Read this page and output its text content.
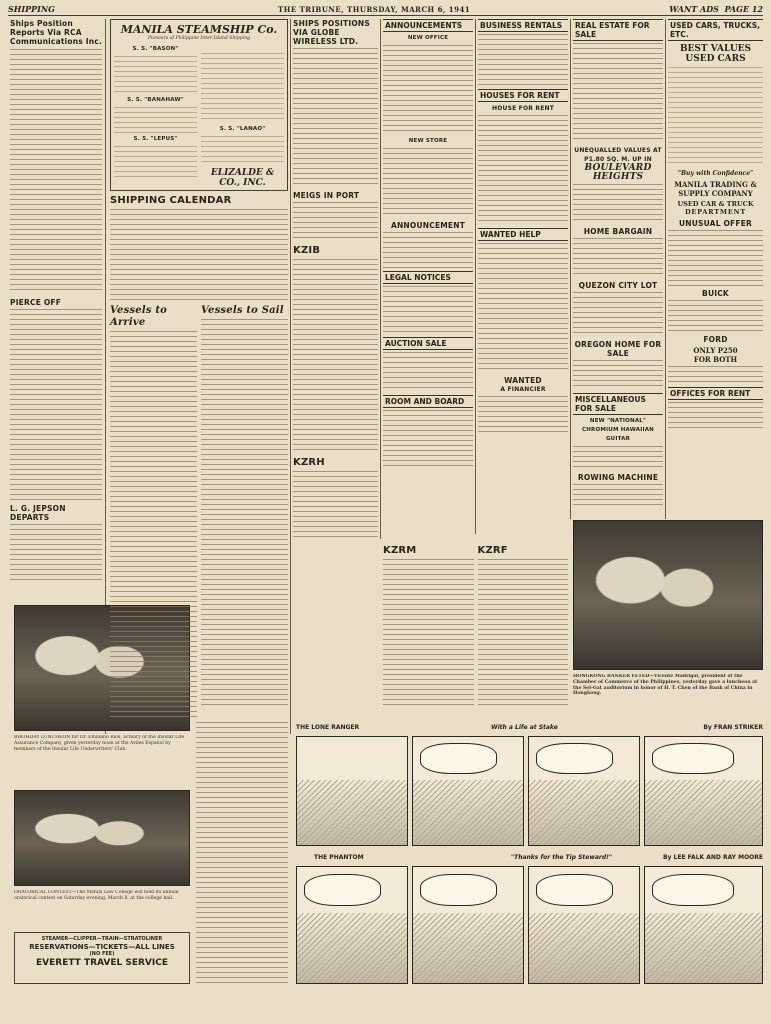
SHIPPING	THE TRIBUNE, THURSDAY, MARCH 6, 1941	WANT ADS PAGE 12
Ships Position Reports Via RCA Communications Inc.
PIERCE OFF
L. G. JEPSON DEPARTS
BIRTHDAY LUNCHEON for Dr. Emiliano Rios, actuary of the Insular Life Assurance Company, given yesterday noon at the Aviles Español by members of the Insular Life Underwriters' Club.
ORATORICAL CONTEST—The Manila Law College will hold its annual oratorical contest on Saturday evening, March 8, at the college hall.
STEAMER—CLIPPER—TRAIN—STRATOLINER
RESERVATIONS—TICKETS—ALL LINES
(NO FEE)
EVERETT TRAVEL SERVICE
MANILA STEAMSHIP Co.
Pioneers of Philippine Inter-Island Shipping
S. S. "BASON"
S. S. "BANAHAW"
S. S. "LEPUS"
S. S. "LANAO"
ELIZALDE & CO., INC.
SHIPPING CALENDAR
Vessels to Arrive
Vessels to Sail
SHIPS POSITIONS VIA GLOBE WIRELESS LTD.
MEIGS IN PORT
KZIB
KZRH
ANNOUNCEMENTS
NEW OFFICE
NEW STORE
ANNOUNCEMENT
LEGAL NOTICES
AUCTION SALE
ROOM AND BOARD
BUSINESS RENTALS
HOUSES FOR RENT
HOUSE FOR RENT
WANTED HELP
WANTED
A FINANCIER
KZRM	KZRF
REAL ESTATE FOR SALE
UNEQUALLED VALUES AT P1.80 SQ. M. UP IN
BOULEVARD HEIGHTS
HOME BARGAIN
QUEZON CITY LOT
OREGON HOME FOR SALE
MISCELLANEOUS FOR SALE
NEW "NATIONAL" CHROMIUM HAWAIIAN GUITAR
ROWING MACHINE
USED CARS, TRUCKS, ETC.
BEST VALUES
USED CARS
"Buy with Confidence"
MANILA TRADING &
SUPPLY COMPANY
USED CAR & TRUCK
DEPARTMENT
UNUSUAL OFFER
BUICK
FORD
ONLY P250
FOR BOTH
OFFICES FOR RENT
HONGKONG BANKER FETED—Vicente Madrigal, president of the Chamber of Commerce of the Philippines, yesterday gave a luncheon at the Sel-Gat auditorium in honor of H. T. Chen of the Bank of China in Hongkong.
THE LONE RANGER	With a Life at Stake	By FRAN STRIKER
THE PHANTOM	"Thanks for the Tip Steward!"	By LEE FALK AND RAY MOORE
